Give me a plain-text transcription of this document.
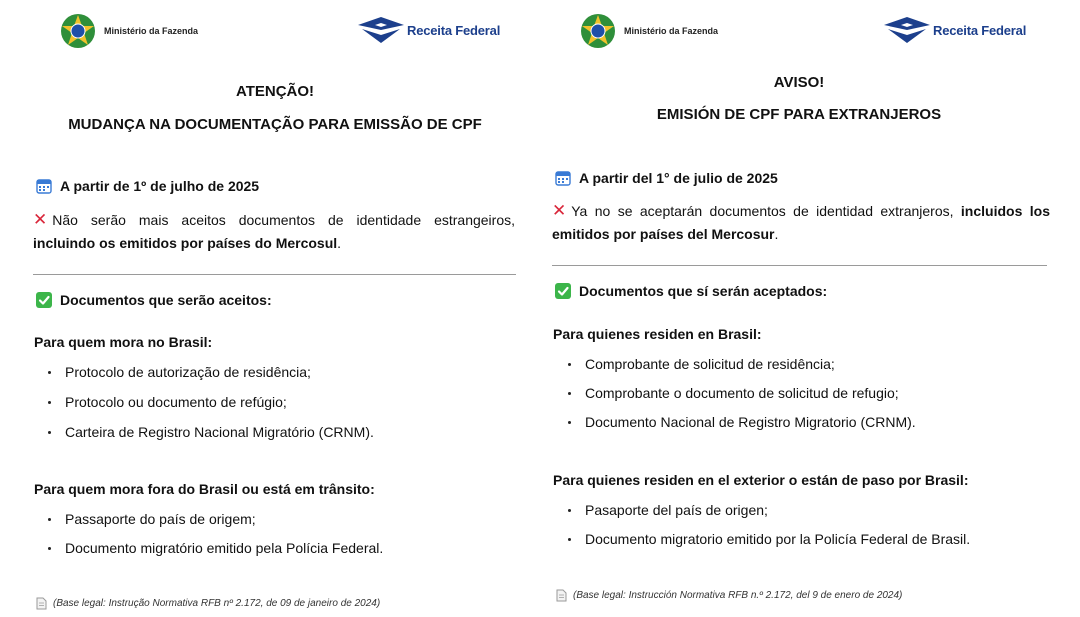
Ministério da Fazenda	Receita Federal
ATENÇÃO!
MUDANÇA NA DOCUMENTAÇÃO PARA EMISSÃO DE CPF
A partir de 1º de julho de 2025
✕ Não serão mais aceitos documentos de identidade estrangeiros, incluindo os emitidos por países do Mercosul.
Documentos que serão aceitos:
Para quem mora no Brasil:
Protocolo de autorização de residência;
Protocolo ou documento de refúgio;
Carteira de Registro Nacional Migratório (CRNM).
Para quem mora fora do Brasil ou está em trânsito:
Passaporte do país de origem;
Documento migratório emitido pela Polícia Federal.
(Base legal: Instrução Normativa RFB nº 2.172, de 09 de janeiro de 2024)
Ministério da Fazenda	Receita Federal
AVISO!
EMISIÓN DE CPF PARA EXTRANJEROS
A partir del 1° de julio de 2025
✕ Ya no se aceptarán documentos de identidad extranjeros, incluidos los emitidos por países del Mercosur.
Documentos que sí serán aceptados:
Para quienes residen en Brasil:
Comprobante de solicitud de residência;
Comprobante o documento de solicitud de refugio;
Documento Nacional de Registro Migratorio (CRNM).
Para quienes residen en el exterior o están de paso por Brasil:
Pasaporte del país de origen;
Documento migratorio emitido por la Policía Federal de Brasil.
(Base legal: Instrucción Normativa RFB n.º 2.172, del 9 de enero de 2024)
